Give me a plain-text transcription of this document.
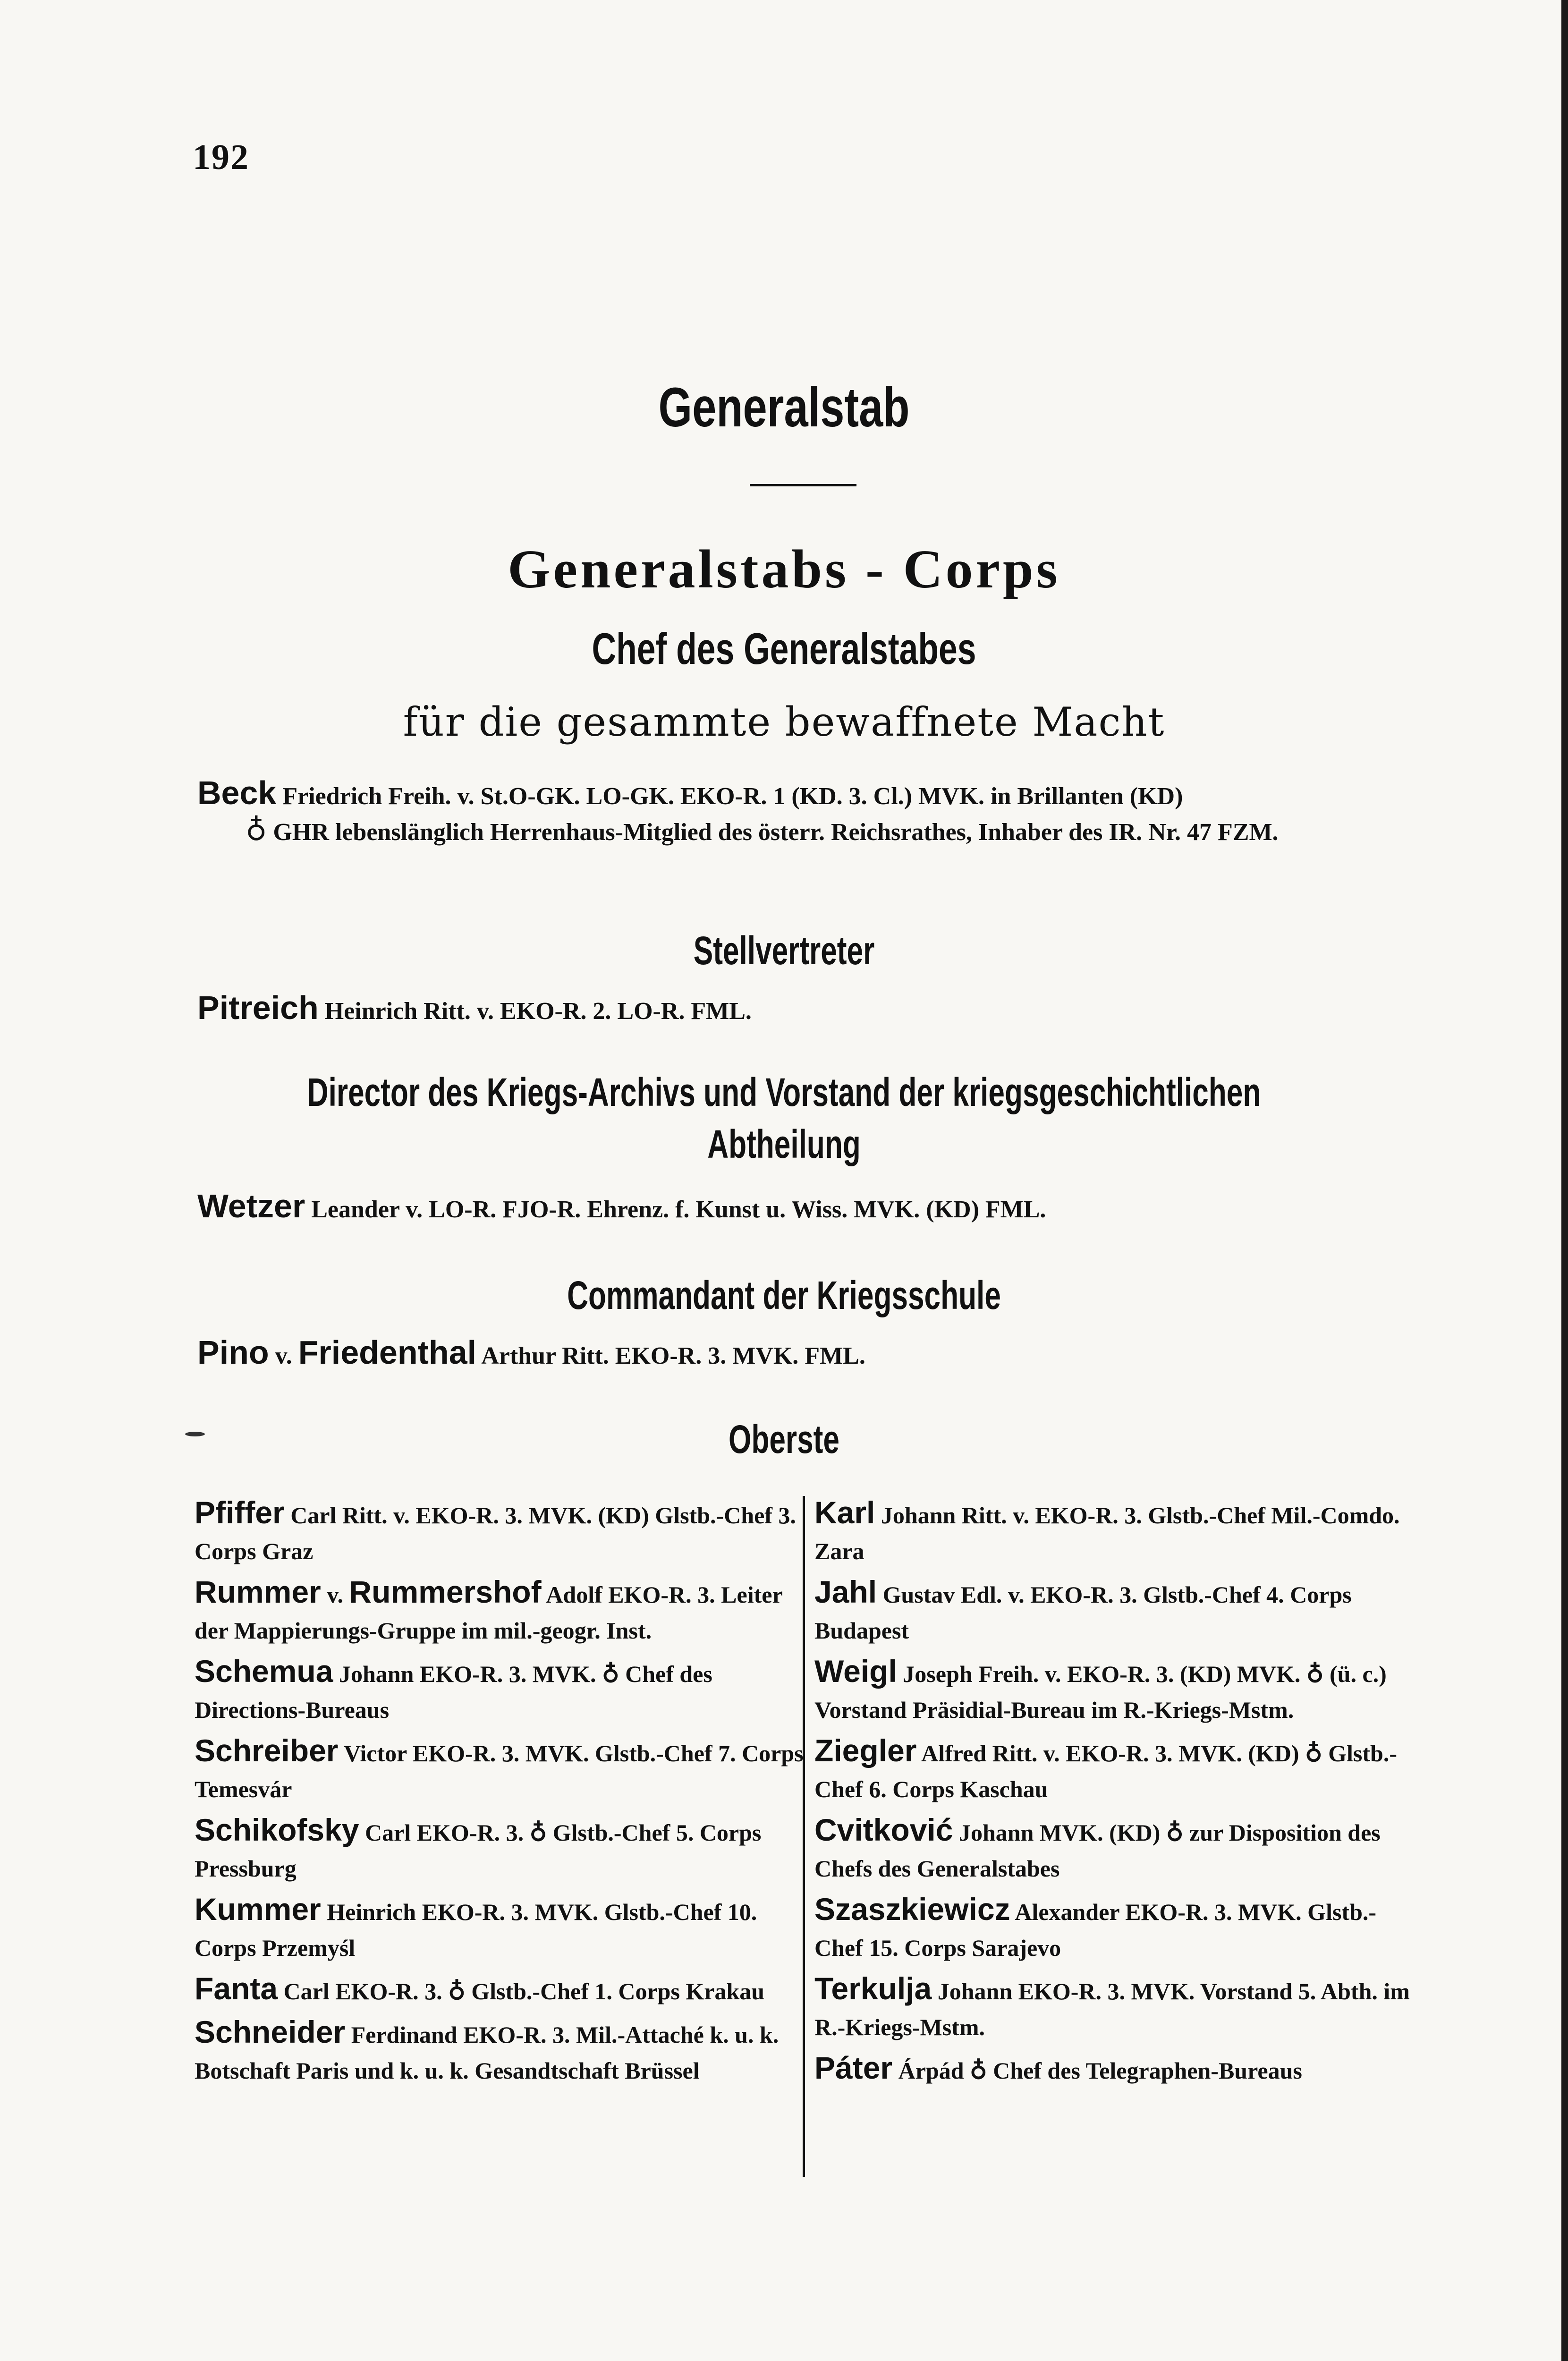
192
Generalstab
Generalstabs - Corps
Chef des Generalstabes
für die gesammte bewaffnete Macht
Beck Friedrich Freih. v. St.O-GK. LO-GK. EKO-R. 1 (KD. 3. Cl.) MVK. in Brillanten (KD)
♁ GHR lebenslänglich Herrenhaus-Mitglied des österr. Reichsrathes, Inhaber des IR. Nr. 47 FZM.
Stellvertreter
Pitreich Heinrich Ritt. v. EKO-R. 2. LO-R. FML.
Director des Kriegs-Archivs und Vorstand der kriegsgeschichtlichen
Abtheilung
Wetzer Leander v. LO-R. FJO-R. Ehrenz. f. Kunst u. Wiss. MVK. (KD) FML.
Commandant der Kriegsschule
Pino v. Friedenthal Arthur Ritt. EKO-R. 3. MVK. FML.
Oberste
Pfiffer Carl Ritt. v. EKO-R. 3. MVK. (KD) Glstb.-Chef 3. Corps Graz
Rummer v. Rummershof Adolf EKO-R. 3. Leiter der Mappierungs-Gruppe im mil.-geogr. Inst.
Schemua Johann EKO-R. 3. MVK. ♁ Chef des Directions-Bureaus
Schreiber Victor EKO-R. 3. MVK. Glstb.-Chef 7. Corps Temesvár
Schikofsky Carl EKO-R. 3. ♁ Glstb.-Chef 5. Corps Pressburg
Kummer Heinrich EKO-R. 3. MVK. Glstb.-Chef 10. Corps Przemyśl
Fanta Carl EKO-R. 3. ♁ Glstb.-Chef 1. Corps Krakau
Schneider Ferdinand EKO-R. 3. Mil.-Attaché k. u. k. Botschaft Paris und k. u. k. Gesandtschaft Brüssel
Karl Johann Ritt. v. EKO-R. 3. Glstb.-Chef Mil.-Comdo. Zara
Jahl Gustav Edl. v. EKO-R. 3. Glstb.-Chef 4. Corps Budapest
Weigl Joseph Freih. v. EKO-R. 3. (KD) MVK. ♁ (ü. c.) Vorstand Präsidial-Bureau im R.-Kriegs-Mstm.
Ziegler Alfred Ritt. v. EKO-R. 3. MVK. (KD) ♁ Glstb.-Chef 6. Corps Kaschau
Cvitković Johann MVK. (KD) ♁ zur Disposition des Chefs des Generalstabes
Szaszkiewicz Alexander EKO-R. 3. MVK. Glstb.-Chef 15. Corps Sarajevo
Terkulja Johann EKO-R. 3. MVK. Vorstand 5. Abth. im R.-Kriegs-Mstm.
Páter Árpád ♁ Chef des Telegraphen-Bureaus
